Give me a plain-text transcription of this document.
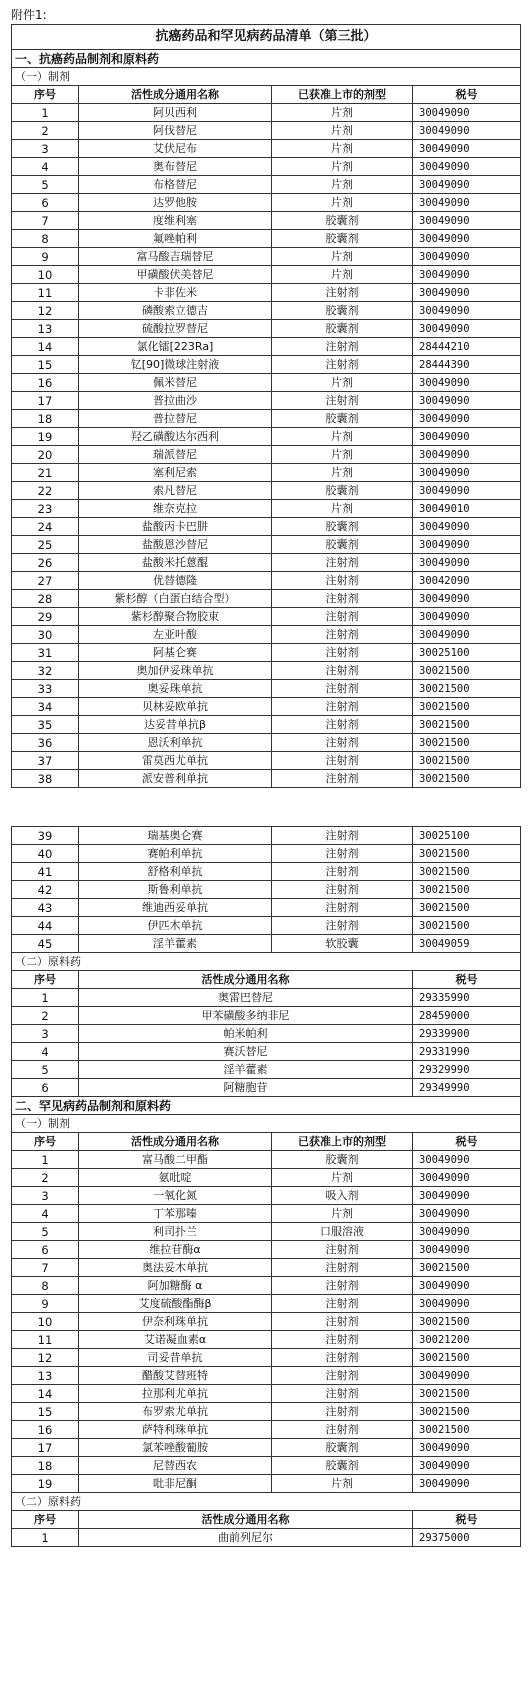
附件1:
抗癌药品和罕见病药品清单（第三批）			
一、抗癌药品制剂和原料药			
（一）制剂			
序号	活性成分通用名称	已获准上市的剂型	税号
1	阿贝西利	片剂	30049090
2	阿伐替尼	片剂	30049090
3	艾伏尼布	片剂	30049090
4	奥布替尼	片剂	30049090
5	布格替尼	片剂	30049090
6	达罗他胺	片剂	30049090
7	度维利塞	胶囊剂	30049090
8	氟唑帕利	胶囊剂	30049090
9	富马酸吉瑞替尼	片剂	30049090
10	甲磺酸伏美替尼	片剂	30049090
11	卡非佐米	注射剂	30049090
12	磷酸索立德吉	胶囊剂	30049090
13	硫酸拉罗替尼	胶囊剂	30049090
14	氯化镭[223Ra]	注射剂	28444210
15	钇[90]微球注射液	注射剂	28444390
16	佩米替尼	片剂	30049090
17	普拉曲沙	注射剂	30049090
18	普拉替尼	胶囊剂	30049090
19	羟乙磺酸达尔西利	片剂	30049090
20	瑞派替尼	片剂	30049090
21	塞利尼索	片剂	30049090
22	索凡替尼	胶囊剂	30049090
23	维奈克拉	片剂	30049010
24	盐酸丙卡巴肼	胶囊剂	30049090
25	盐酸恩沙替尼	胶囊剂	30049090
26	盐酸米托蒽醌	注射剂	30049090
27	优替德隆	注射剂	30042090
28	紫杉醇（白蛋白结合型）	注射剂	30049090
29	紫杉醇聚合物胶束	注射剂	30049090
30	左亚叶酸	注射剂	30049090
31	阿基仑赛	注射剂	30025100
32	奥加伊妥珠单抗	注射剂	30021500
33	奥妥珠单抗	注射剂	30021500
34	贝林妥欧单抗	注射剂	30021500
35	达妥昔单抗β	注射剂	30021500
36	恩沃利单抗	注射剂	30021500
37	雷莫西尤单抗	注射剂	30021500
38	派安普利单抗	注射剂	30021500
39	瑞基奥仑赛	注射剂	30025100
40	赛帕利单抗	注射剂	30021500
41	舒格利单抗	注射剂	30021500
42	斯鲁利单抗	注射剂	30021500
43	维迪西妥单抗	注射剂	30021500
44	伊匹木单抗	注射剂	30021500
45	淫羊藿素	软胶囊	30049059
（二）原料药			
序号	活性成分通用名称		税号
1	奥雷巴替尼		29335990
2	甲苯磺酸多纳非尼		28459000
3	帕米帕利		29339900
4	赛沃替尼		29331990
5	淫羊藿素		29329990
6	阿糖胞苷		29349990
二、罕见病药品制剂和原料药			
（一）制剂			
序号	活性成分通用名称	已获准上市的剂型	税号
1	富马酸二甲酯	胶囊剂	30049090
2	氨吡啶	片剂	30049090
3	一氧化氮	吸入剂	30049090
4	丁苯那嗪	片剂	30049090
5	利司扑兰	口服溶液	30049090
6	维拉苷酶α	注射剂	30049090
7	奥法妥木单抗	注射剂	30021500
8	阿加糖酶 α	注射剂	30049090
9	艾度硫酸酯酶β	注射剂	30049090
10	伊奈利珠单抗	注射剂	30021500
11	艾诺凝血素α	注射剂	30021200
12	司妥昔单抗	注射剂	30021500
13	醋酸艾替班特	注射剂	30049090
14	拉那利尤单抗	注射剂	30021500
15	布罗索尤单抗	注射剂	30021500
16	萨特利珠单抗	注射剂	30021500
17	氯苯唑酸葡胺	胶囊剂	30049090
18	尼替西农	胶囊剂	30049090
19	吡非尼酮	片剂	30049090
（二）原料药			
序号	活性成分通用名称		税号
1	曲前列尼尔		29375000
